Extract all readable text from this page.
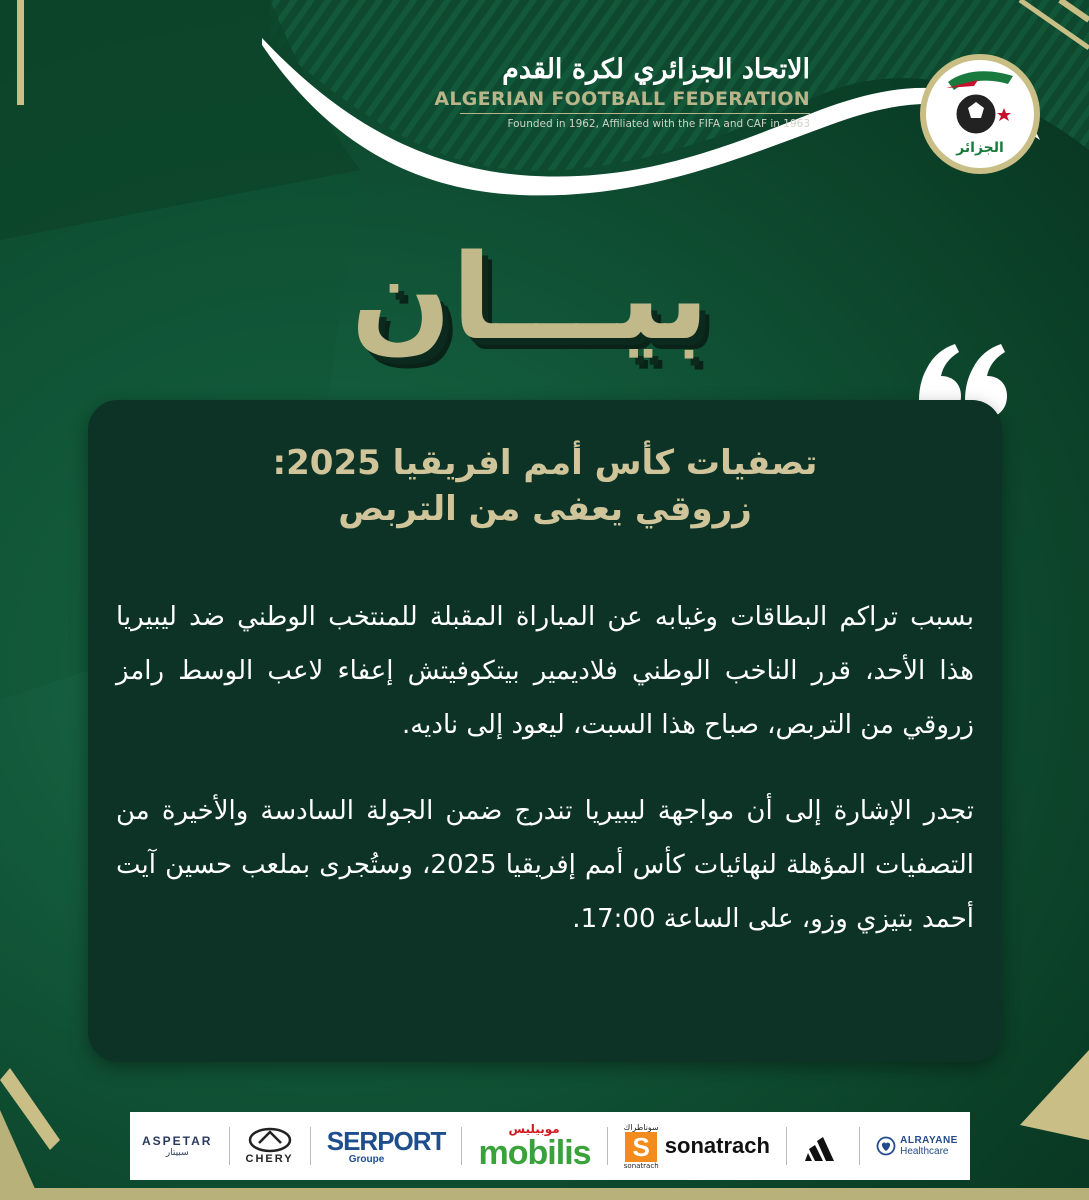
الاتحاد الجزائري لكرة القدم
ALGERIAN FOOTBALL FEDERATION
Founded in 1962, Affiliated with the FIFA and CAF in 1963
الجزائر
بيـــان
تصفيات كأس أمم افريقيا 2025:
زروقي يعفى من التربص

بسبب تراكم البطاقات وغيابه عن المباراة المقبلة للمنتخب الوطني ضد ليبيريا هذا الأحد، قرر الناخب الوطني فلاديمير بيتكوفيتش إعفاء لاعب الوسط رامز زروقي من التربص، صباح هذا السبت، ليعود إلى ناديه.

تجدر الإشارة إلى أن مواجهة ليبيريا تندرج ضمن الجولة السادسة والأخيرة من التصفيات المؤهلة لنهائيات كأس أمم إفريقيا 2025، وستُجرى بملعب حسين آيت أحمد بتيزي وزو، على الساعة 17:00.

ASPETAR
سبيتار	CHERY
SERPORT
Groupe
موبيليس
mobilis
سوناطراك
S
sonatrach
sonatrach	ALRAYANE
Healthcare
